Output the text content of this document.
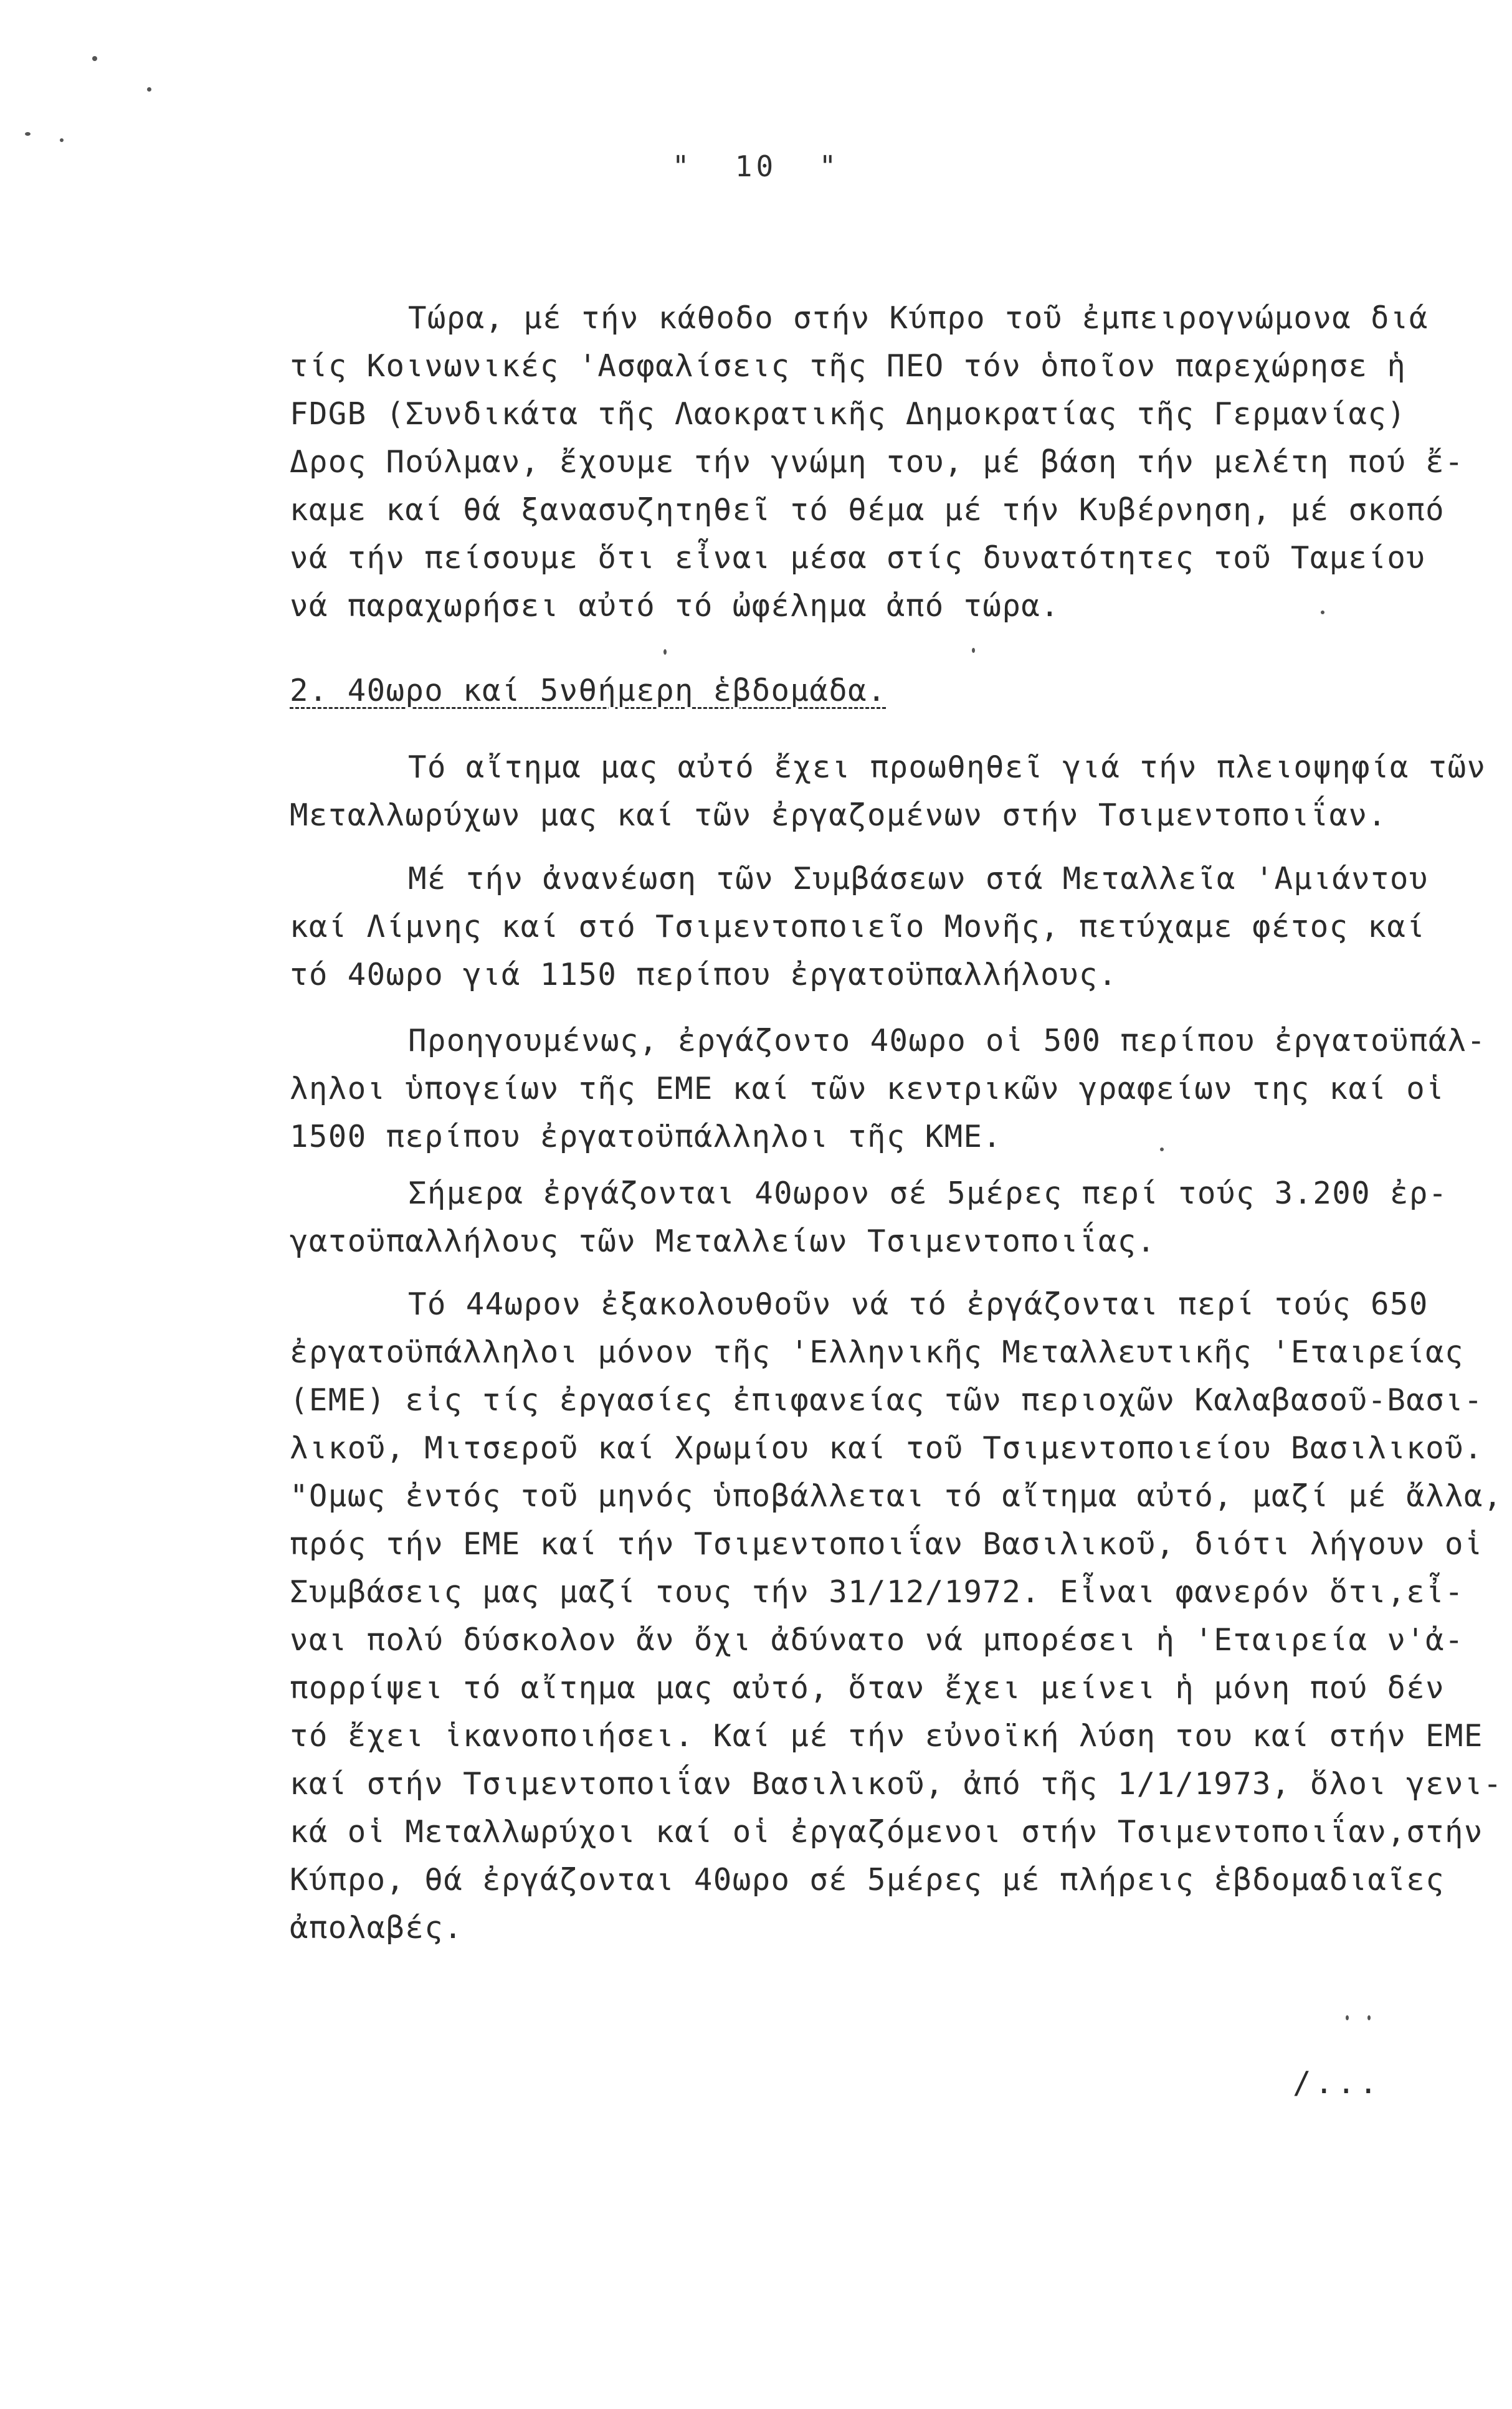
"  10  "
Τώρα, μέ τήν κάθοδο στήν Κύπρο τοῦ ἐμπειρογνώμονα διά
τίς Κοινωνικές 'Ασφαλίσεις τῆς ΠΕΟ τόν ὁποῖον παρεχώρησε ἡ
FDGB (Συνδικάτα τῆς Λαοκρατικῆς Δημοκρατίας τῆς Γερμανίας)
Δρος Πούλμαν, ἔχουμε τήν γνώμη του, μέ βάση τήν μελέτη πού ἔ-
καμε καί θά ξανασυζητηθεῖ τό θέμα μέ τήν Κυβέρνηση, μέ σκοπό
νά τήν πείσουμε ὅτι εἶναι μέσα στίς δυνατότητες τοῦ Ταμείου
νά παραχωρήσει αὐτό τό ὠφέλημα ἀπό τώρα.
2. 40ωρο καί 5νθήμερη ἑβδομάδα.
Τό αἴτημα μας αὐτό ἔχει προωθηθεῖ γιά τήν πλειοψηφία τῶν
Μεταλλωρύχων μας καί τῶν ἐργαζομένων στήν Τσιμεντοποιΐαν.
Μέ τήν ἀνανέωση τῶν Συμβάσεων στά Μεταλλεῖα 'Αμιάντου
καί Λίμνης καί στό Τσιμεντοποιεῖο Μονῆς, πετύχαμε φέτος καί
τό 40ωρο γιά 1150 περίπου ἐργατοϋπαλλήλους.
Προηγουμένως, ἐργάζοντο 40ωρο οἱ 500 περίπου ἐργατοϋπάλ-
ληλοι ὑπογείων τῆς ΕΜΕ καί τῶν κεντρικῶν γραφείων της καί οἱ
1500 περίπου ἐργατοϋπάλληλοι τῆς ΚΜΕ.
Σήμερα ἐργάζονται 40ωρον σέ 5μέρες περί τούς 3.200 ἐρ-
γατοϋπαλλήλους τῶν Μεταλλείων Τσιμεντοποιΐας.
Τό 44ωρον ἐξακολουθοῦν νά τό ἐργάζονται περί τούς 650
ἐργατοϋπάλληλοι μόνον τῆς 'Ελληνικῆς Μεταλλευτικῆς 'Εταιρείας
(ΕΜΕ) εἰς τίς ἐργασίες ἐπιφανείας τῶν περιοχῶν Καλαβασοῦ-Βασι-
λικοῦ, Μιτσεροῦ καί Χρωμίου καί τοῦ Τσιμεντοποιείου Βασιλικοῦ.
"Ομως ἐντός τοῦ μηνός ὑποβάλλεται τό αἴτημα αὐτό, μαζί μέ ἄλλα,
πρός τήν ΕΜΕ καί τήν Τσιμεντοποιΐαν Βασιλικοῦ, διότι λήγουν οἱ
Συμβάσεις μας μαζί τους τήν 31/12/1972. Εἶναι φανερόν ὅτι,εἶ-
ναι πολύ δύσκολον ἄν ὄχι ἀδύνατο νά μπορέσει ἡ 'Εταιρεία ν'ἀ-
πορρίψει τό αἴτημα μας αὐτό, ὅταν ἔχει μείνει ἡ μόνη πού δέν
τό ἔχει ἱκανοποιήσει. Καί μέ τήν εὐνοϊκή λύση του καί στήν ΕΜΕ
καί στήν Τσιμεντοποιΐαν Βασιλικοῦ, ἀπό τῆς 1/1/1973, ὅλοι γενι-
κά οἱ Μεταλλωρύχοι καί οἱ ἐργαζόμενοι στήν Τσιμεντοποιΐαν,στήν
Κύπρο, θά ἐργάζονται 40ωρο σέ 5μέρες μέ πλήρεις ἑβδομαδιαῖες
ἀπολαβές.
/...
